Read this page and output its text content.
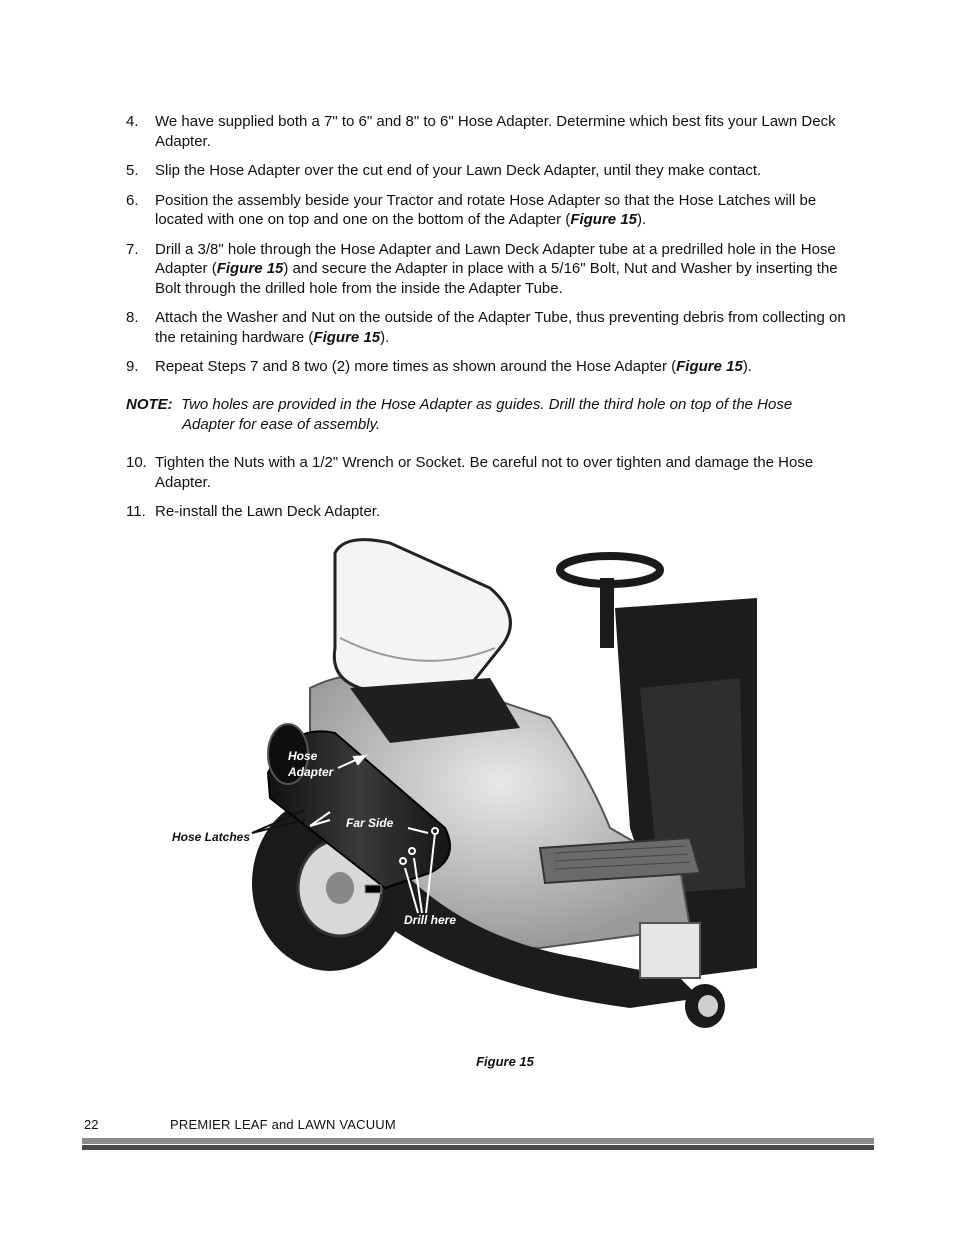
4. We have supplied both a 7" to 6" and 8" to 6" Hose Adapter. Determine which best fits your Lawn Deck Adapter.
5. Slip the Hose Adapter over the cut end of your Lawn Deck Adapter, until they make contact.
6. Position the assembly beside your Tractor and rotate Hose Adapter so that the Hose Latches will be located with one on top and one on the bottom of the Adapter (Figure 15).
7. Drill a 3/8" hole through the Hose Adapter and Lawn Deck Adapter tube at a predrilled hole in the Hose Adapter (Figure 15) and secure the Adapter in place with a 5/16" Bolt, Nut and Washer by inserting the Bolt through the drilled hole from the inside the Adapter Tube.
8. Attach the Washer and Nut on the outside of the Adapter Tube, thus preventing debris from collecting on the retaining hardware (Figure 15).
9. Repeat Steps 7 and 8 two (2) more times as shown around the Hose Adapter (Figure 15).
NOTE: Two holes are provided in the Hose Adapter as guides. Drill the third hole on top of the Hose
Adapter for ease of assembly.
10. Tighten the Nuts with a 1/2" Wrench or Socket. Be careful not to over tighten and damage the Hose Adapter.
11. Re-install the Lawn Deck Adapter.
Hose
Adapter
Hose Latches
Far Side
Drill here
Figure 15
22	PREMIER LEAF and LAWN VACUUM
